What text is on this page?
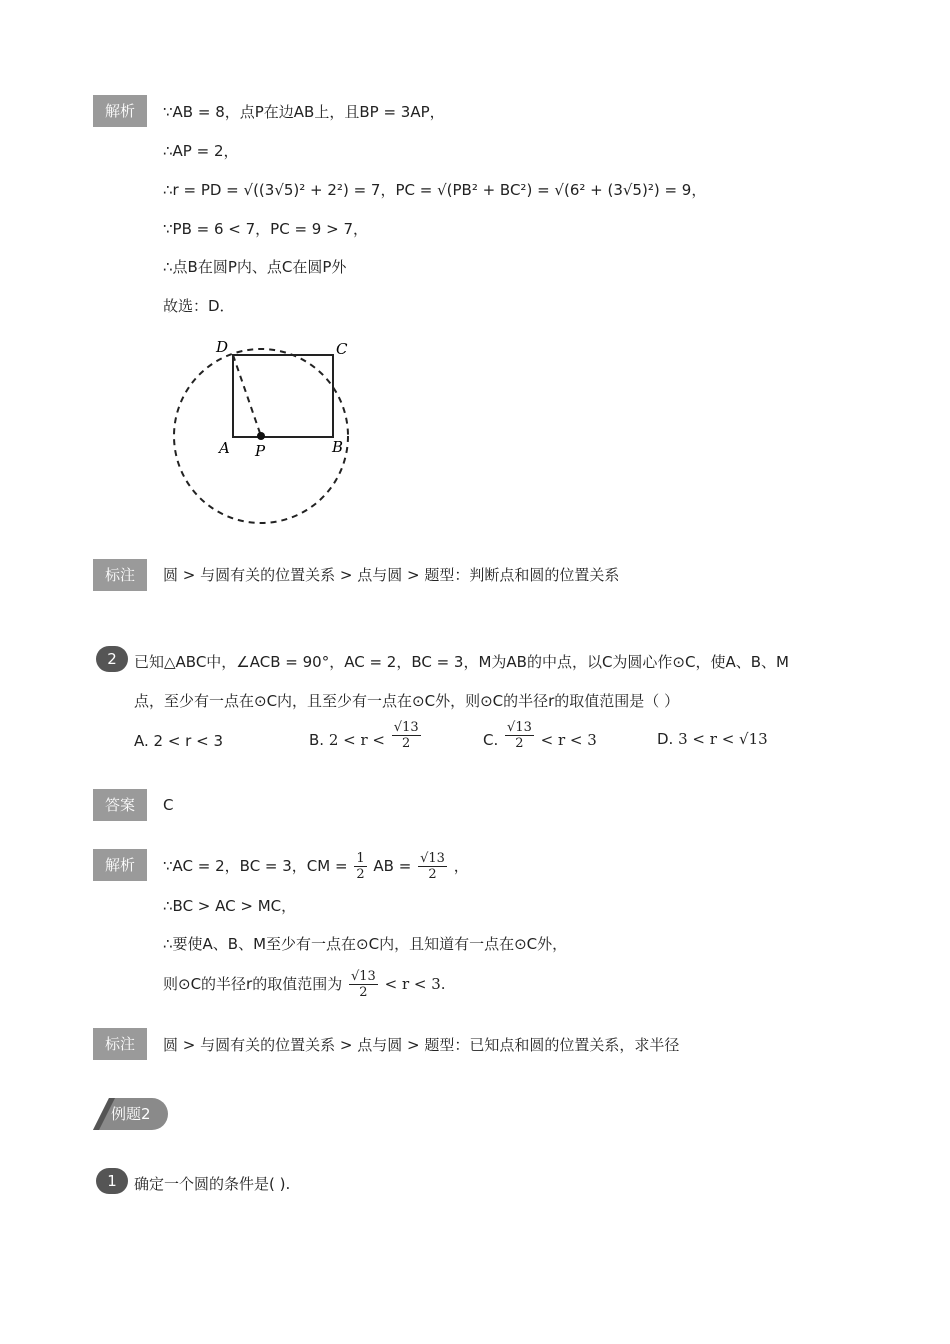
解析	∵AB = 8，点P在边AB上，且BP = 3AP，
∴AP = 2，
∴r = PD = √((3√5)² + 2²) = 7，PC = √(PB² + BC²) = √(6² + (3√5)²) = 9，
∵PB = 6 < 7，PC = 9 > 7，
∴点B在圆P内、点C在圆P外
故选：D．
D	C
A P	B
标注	圆 > 与圆有关的位置关系 > 点与圆 > 题型：判断点和圆的位置关系
2	已知△ABC中，∠ACB = 90°，AC = 2，BC = 3，M为AB的中点，以C为圆心作⊙C，使A、B、M
点，至少有一点在⊙C内，且至少有一点在⊙C外，则⊙C的半径r的取值范围是（ ）
A. 2 < r < 3	B. $2 < r < \frac{√13}{2}$	C. $\frac{√13}{2} < r < 3$	D. 3 < r < √13
答案	C
解析	∵AC = 2，BC = 3，CM = $\frac{1}{2}$ AB = $\frac{√13}{2}$ ，
∴BC > AC > MC，
∴要使A、B、M至少有一点在⊙C内，且知道有一点在⊙C外，
则⊙C的半径r的取值范围为 $\frac{√13}{2} < r < 3$.
标注	圆 > 与圆有关的位置关系 > 点与圆 > 题型：已知点和圆的位置关系，求半径
例题2
1	确定一个圆的条件是( ).
